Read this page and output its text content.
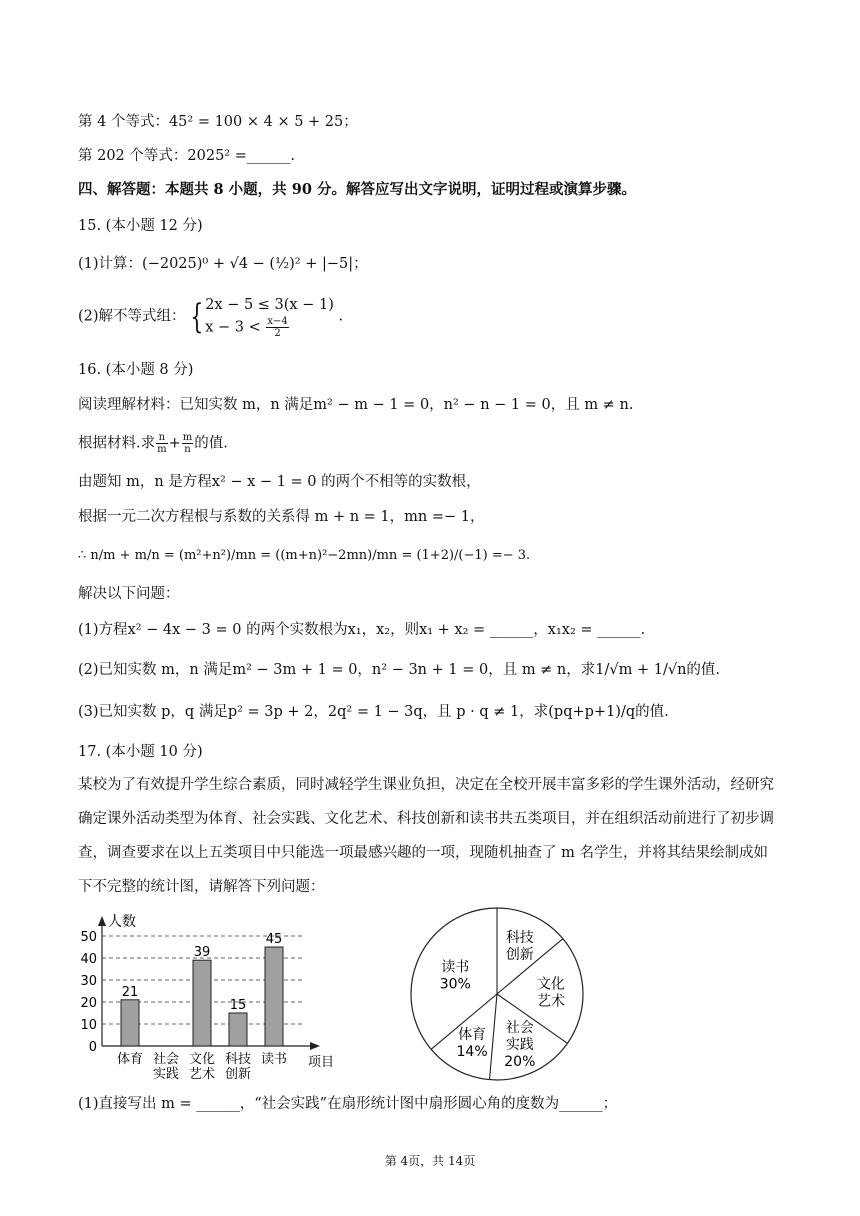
第 4 个等式：45² = 100 × 4 × 5 + 25；
第 202 个等式：2025² =______.
四、解答题：本题共 8 小题，共 90 分。解答应写出文字说明，证明过程或演算步骤。
15. (本小题 12 分)
(1)计算：(−2025)⁰ + √4 − (½)² + |−5|；
(2)解不等式组： { 2x − 5 ≤ 3(x − 1)
$x - 3 < \frac{x-4}{2}$	.
16. (本小题 8 分)
阅读理解材料：已知实数 m，n 满足m² − m − 1 = 0，n² − n − 1 = 0，且 m ≠ n.
根据材料.求 $\frac{n}{m} + \frac{m}{n}$ 的值.
由题知 m，n 是方程x² − x − 1 = 0 的两个不相等的实数根，
根据一元二次方程根与系数的关系得 m + n = 1，mn =− 1，
∴ n/m + m/n = (m²+n²)/mn = ((m+n)²−2mn)/mn = (1+2)/(−1) =− 3.
解决以下问题：
(1)方程x² − 4x − 3 = 0 的两个实数根为x₁，x₂，则x₁ + x₂ = ______，x₁x₂ = ______.
(2)已知实数 m，n 满足m² − 3m + 1 = 0，n² − 3n + 1 = 0，且 m ≠ n，求1/√m + 1/√n的值.
(3)已知实数 p，q 满足p² = 3p + 2，2q² = 1 − 3q，且 p · q ≠ 1，求(pq+p+1)/q的值.
17. (本小题 10 分)
某校为了有效提升学生综合素质，同时减轻学生课业负担，决定在全校开展丰富多彩的学生课外活动，经研究确定课外活动类型为体育、社会实践、文化艺术、科技创新和读书共五类项目，并在组织活动前进行了初步调查，调查要求在以上五类项目中只能选一项最感兴趣的一项，现随机抽查了 m 名学生，并将其结果绘制成如下不完整的统计图，请解答下列问题：
0
10
20
30
40
50
人数
项目
21
体育 社会
实践
39
文化
艺术
15
科技
创新
45
读书
科技
创新
文化
艺术
社会
实践
20%
体育
14%
读书
30%
(1)直接写出 m = ______，“社会实践”在扇形统计图中扇形圆心角的度数为______；
第 4页，共 14页
